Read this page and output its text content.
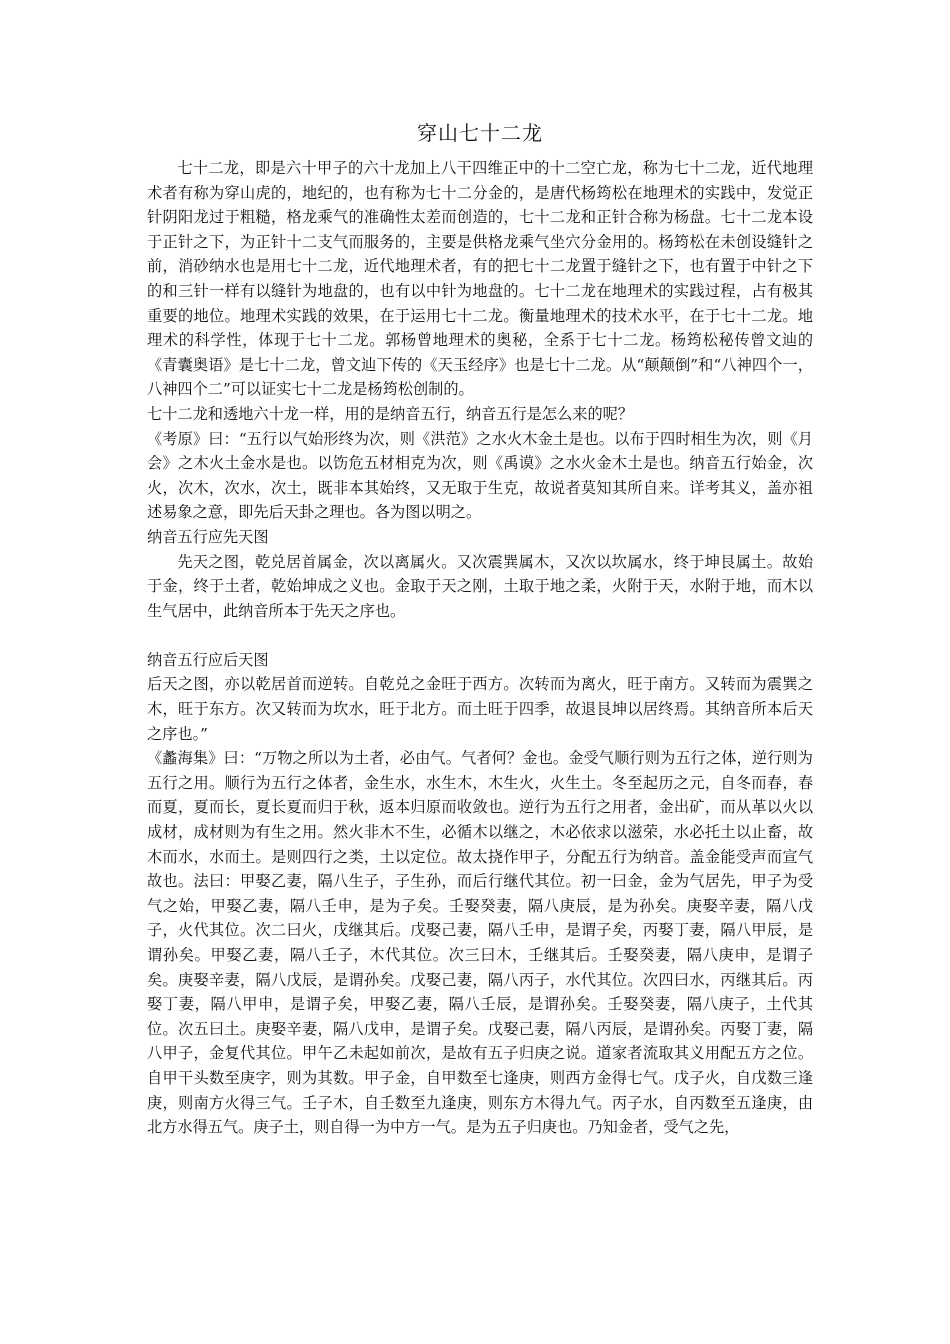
穿山七十二龙

七十二龙，即是六十甲子的六十龙加上八干四维正中的十二空亡龙，称为七十二龙，近代地理术者有称为穿山虎的，地纪的，也有称为七十二分金的，是唐代杨筠松在地理术的实践中，发觉正针阴阳龙过于粗糙，格龙乘气的准确性太差而创造的，七十二龙和正针合称为杨盘。七十二龙本设于正针之下，为正针十二支气而服务的，主要是供格龙乘气坐穴分金用的。杨筠松在未创设缝针之前，消砂纳水也是用七十二龙，近代地理术者，有的把七十二龙置于缝针之下，也有置于中针之下的和三针一样有以缝针为地盘的，也有以中针为地盘的。七十二龙在地理术的实践过程，占有极其重要的地位。地理术实践的效果，在于运用七十二龙。衡量地理术的技术水平，在于七十二龙。地理术的科学性，体现于七十二龙。郭杨曾地理术的奥秘，全系于七十二龙。杨筠松秘传曾文辿的《青囊奥语》是七十二龙，曾文辿下传的《天玉经序》也是七十二龙。从“颠颠倒”和“八神四个一，八神四个二”可以证实七十二龙是杨筠松创制的。

七十二龙和透地六十龙一样，用的是纳音五行，纳音五行是怎么来的呢？

《考原》曰：“五行以气始形终为次，则《洪范》之水火木金土是也。以布于四时相生为次，则《月会》之木火土金水是也。以饬危五材相克为次，则《禹谟》之水火金木土是也。纳音五行始金，次火，次木，次水，次土，既非本其始终，又无取于生克，故说者莫知其所自来。详考其义，盖亦祖述易象之意，即先后天卦之理也。各为图以明之。

纳音五行应先天图

先天之图，乾兑居首属金，次以离属火。又次震巽属木，又次以坎属水，终于坤艮属土。故始于金，终于土者，乾始坤成之义也。金取于天之刚，土取于地之柔，火附于天，水附于地，而木以生气居中，此纳音所本于先天之序也。

纳音五行应后天图

后天之图，亦以乾居首而逆转。自乾兑之金旺于西方。次转而为离火，旺于南方。又转而为震巽之木，旺于东方。次又转而为坎水，旺于北方。而土旺于四季，故退艮坤以居终焉。其纳音所本后天之序也。”

《蠡海集》曰：“万物之所以为土者，必由气。气者何？金也。金受气顺行则为五行之体，逆行则为五行之用。顺行为五行之体者，金生水，水生木，木生火，火生土。冬至起历之元，自冬而春，春而夏，夏而长，夏长夏而归于秋，返本归原而收敛也。逆行为五行之用者，金出矿，而从革以火以成材，成材则为有生之用。然火非木不生，必循木以继之，木必依求以滋荣，水必托土以止畜，故木而水，水而土。是则四行之类，土以定位。故太挠作甲子，分配五行为纳音。盖金能受声而宣气故也。法曰：甲娶乙妻，隔八生子，子生孙，而后行继代其位。初一曰金，金为气居先，甲子为受气之始，甲娶乙妻，隔八壬申，是为子矣。壬娶癸妻，隔八庚辰，是为孙矣。庚娶辛妻，隔八戊子，火代其位。次二曰火，戊继其后。戊娶己妻，隔八壬申，是谓子矣，丙娶丁妻，隔八甲辰，是谓孙矣。甲娶乙妻，隔八壬子，木代其位。次三曰木，壬继其后。壬娶癸妻，隔八庚申，是谓子矣。庚娶辛妻，隔八戊辰，是谓孙矣。戊娶己妻，隔八丙子，水代其位。次四曰水，丙继其后。丙娶丁妻，隔八甲申，是谓子矣，甲娶乙妻，隔八壬辰，是谓孙矣。壬娶癸妻，隔八庚子，土代其位。次五曰土。庚娶辛妻，隔八戊申，是谓子矣。戊娶己妻，隔八丙辰，是谓孙矣。丙娶丁妻，隔八甲子，金复代其位。甲午乙未起如前次，是故有五子归庚之说。道家者流取其义用配五方之位。自甲干头数至庚字，则为其数。甲子金，自甲数至七逢庚，则西方金得七气。戊子火，自戊数三逢庚，则南方火得三气。壬子木，自壬数至九逢庚，则东方木得九气。丙子水，自丙数至五逢庚，由北方水得五气。庚子土，则自得一为中方一气。是为五子归庚也。乃知金者，受气之先，
